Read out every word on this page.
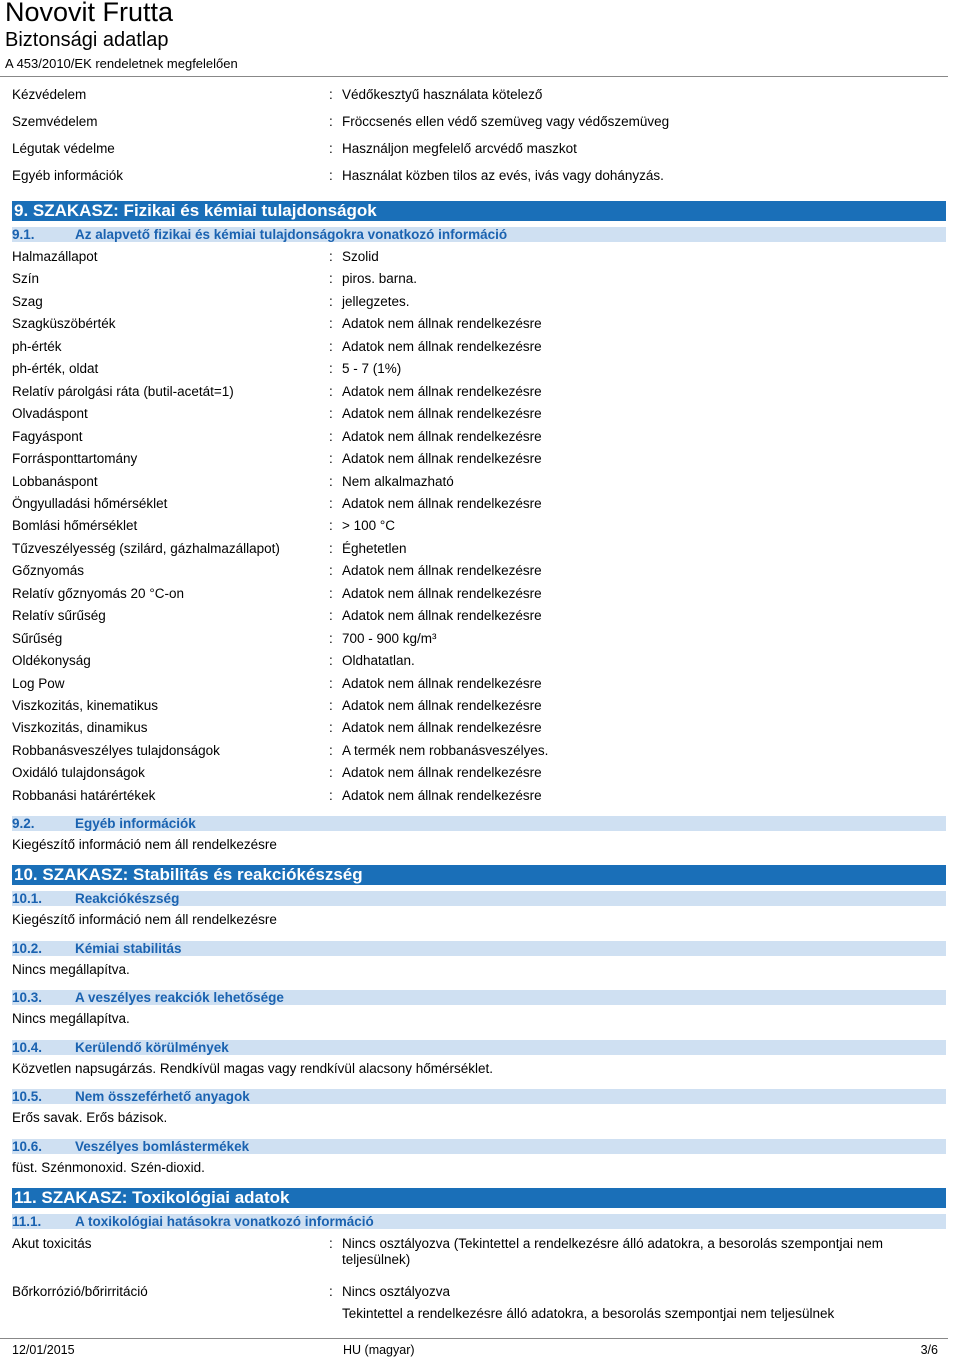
Novovit Frutta
Biztonsági adatlap
A 453/2010/EK rendeletnek megfelelően
Kézvédelem	: Védőkesztyű használata kötelező
Szemvédelem	: Fröccsenés ellen védő szemüveg vagy védőszemüveg
Légutak védelme	: Használjon megfelelő arcvédő maszkot
Egyéb információk	: Használat közben tilos az evés, ivás vagy dohányzás.
9. SZAKASZ: Fizikai és kémiai tulajdonságok
9.1.	Az alapvető fizikai és kémiai tulajdonságokra vonatkozó információ
Halmazállapot	: Szolid
Szín	: piros. barna.
Szag	: jellegzetes.
Szagküszöbérték	: Adatok nem állnak rendelkezésre
ph-érték	: Adatok nem állnak rendelkezésre
ph-érték, oldat	: 5 - 7 (1%)
Relatív párolgási ráta (butil-acetát=1)	: Adatok nem állnak rendelkezésre
Olvadáspont	: Adatok nem állnak rendelkezésre
Fagyáspont	: Adatok nem állnak rendelkezésre
Forrásponttartomány	: Adatok nem állnak rendelkezésre
Lobbanáspont	: Nem alkalmazható
Öngyulladási hőmérséklet	: Adatok nem állnak rendelkezésre
Bomlási hőmérséklet	: > 100 °C
Tűzveszélyesség (szilárd, gázhalmazállapot)	: Éghetetlen
Gőznyomás	: Adatok nem állnak rendelkezésre
Relatív gőznyomás 20 °C-on	: Adatok nem állnak rendelkezésre
Relatív sűrűség	: Adatok nem állnak rendelkezésre
Sűrűség	: 700 - 900 kg/m³
Oldékonyság	: Oldhatatlan.
Log Pow	: Adatok nem állnak rendelkezésre
Viszkozitás, kinematikus	: Adatok nem állnak rendelkezésre
Viszkozitás, dinamikus	: Adatok nem állnak rendelkezésre
Robbanásveszélyes tulajdonságok	: A termék nem robbanásveszélyes.
Oxidáló tulajdonságok	: Adatok nem állnak rendelkezésre
Robbanási határértékek	: Adatok nem állnak rendelkezésre
9.2.	Egyéb információk
Kiegészítő információ nem áll rendelkezésre
10. SZAKASZ: Stabilitás és reakciókészség
10.1. Reakciókészség
Kiegészítő információ nem áll rendelkezésre
10.2. Kémiai stabilitás
Nincs megállapítva.
10.3. A veszélyes reakciók lehetősége
Nincs megállapítva.
10.4. Kerülendő körülmények
Közvetlen napsugárzás. Rendkívül magas vagy rendkívül alacsony hőmérséklet.
10.5. Nem összeférhető anyagok
Erős savak. Erős bázisok.
10.6. Veszélyes bomlástermékek
füst. Szénmonoxid. Szén-dioxid.
11. SZAKASZ: Toxikológiai adatok
11.1. A toxikológiai hatásokra vonatkozó információ
Akut toxicitás	: Nincs osztályozva (Tekintettel a rendelkezésre álló adatokra, a besorolás szempontjai nem teljesülnek)
Bőrkorrózió/bőrirritáció	: Nincs osztályozva
Tekintettel a rendelkezésre álló adatokra, a besorolás szempontjai nem teljesülnek
12/01/2015	HU (magyar)	3/6
